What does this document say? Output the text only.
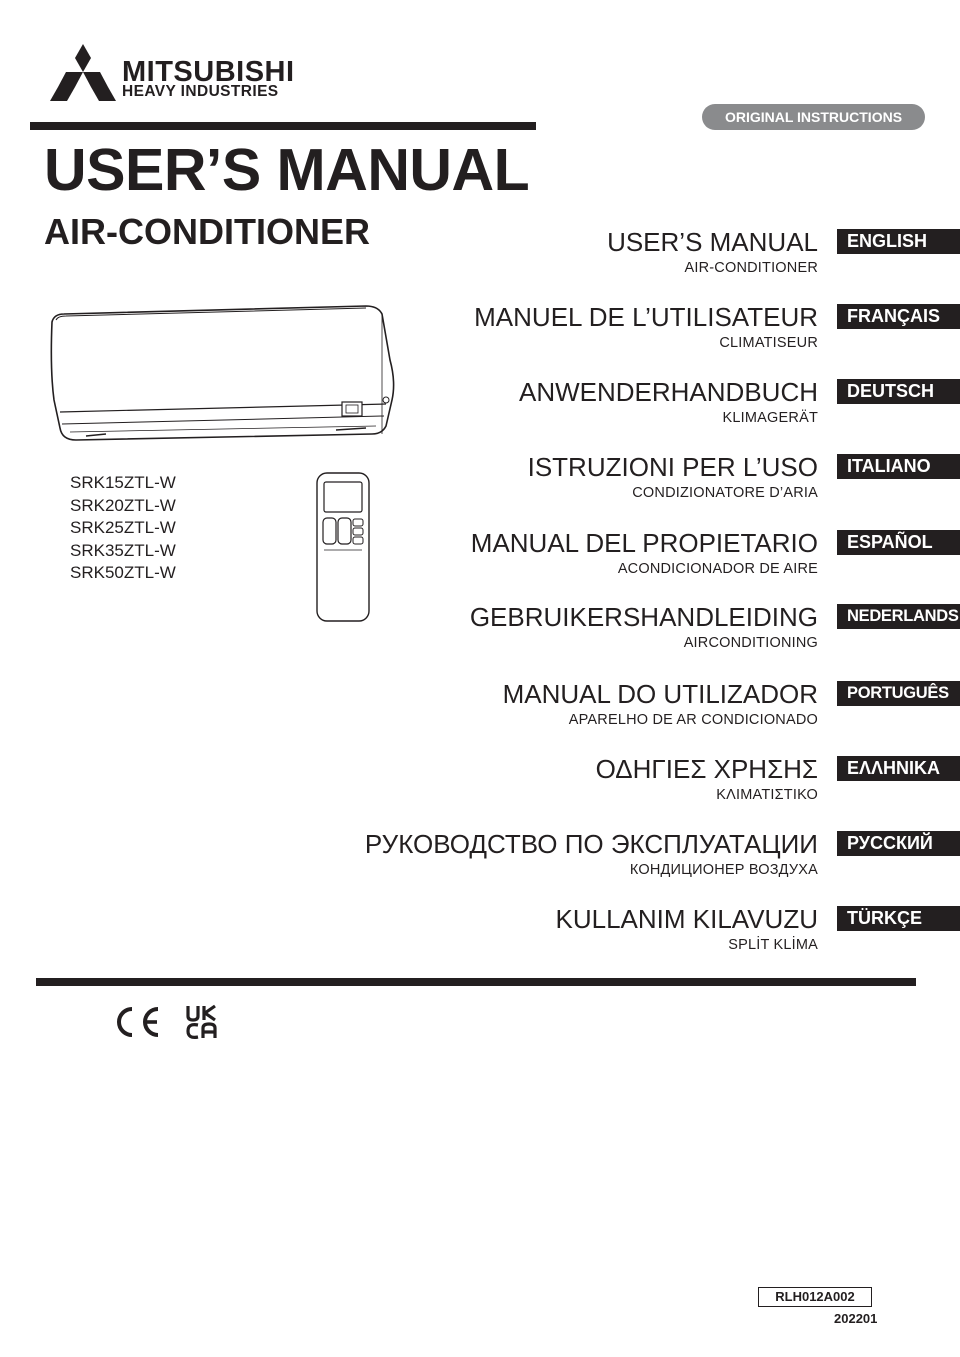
MITSUBISHI
HEAVY INDUSTRIES
ORIGINAL INSTRUCTIONS
USER’S MANUAL
AIR-CONDITIONER	USER’S MANUAL
AIR-CONDITIONER
ENGLISH
MANUEL DE L’UTILISATEUR
CLIMATISEUR
FRANÇAIS
ANWENDERHANDBUCH
KLIMAGERÄT
DEUTSCH
ISTRUZIONI PER L’USO
CONDIZIONATORE D’ARIA
ITALIANO
MANUAL DEL PROPIETARIO
ACONDICIONADOR DE AIRE
ESPAÑOL
GEBRUIKERSHANDLEIDING
AIRCONDITIONING
NEDERLANDS
MANUAL DO UTILIZADOR
APARELHO DE AR CONDICIONADO
PORTUGUÊS
ΟΔΗΓΙΕΣ ΧΡΗΣΗΣ
ΚΛΙΜΑΤΙΣΤΙΚΟ
ΕΛΛΗΝΙΚΑ
РУКОВОДСТВО ПО ЭКСПЛУАТАЦИИ
КОНДИЦИОНЕР ВОЗДУХА
РУССКИЙ
KULLANIM KILAVUZU
SPLİT KLİMA
TÜRKÇE
SRK15ZTL-W
SRK20ZTL-W
SRK25ZTL-W
SRK35ZTL-W
SRK50ZTL-W
RLH012A002
202201
